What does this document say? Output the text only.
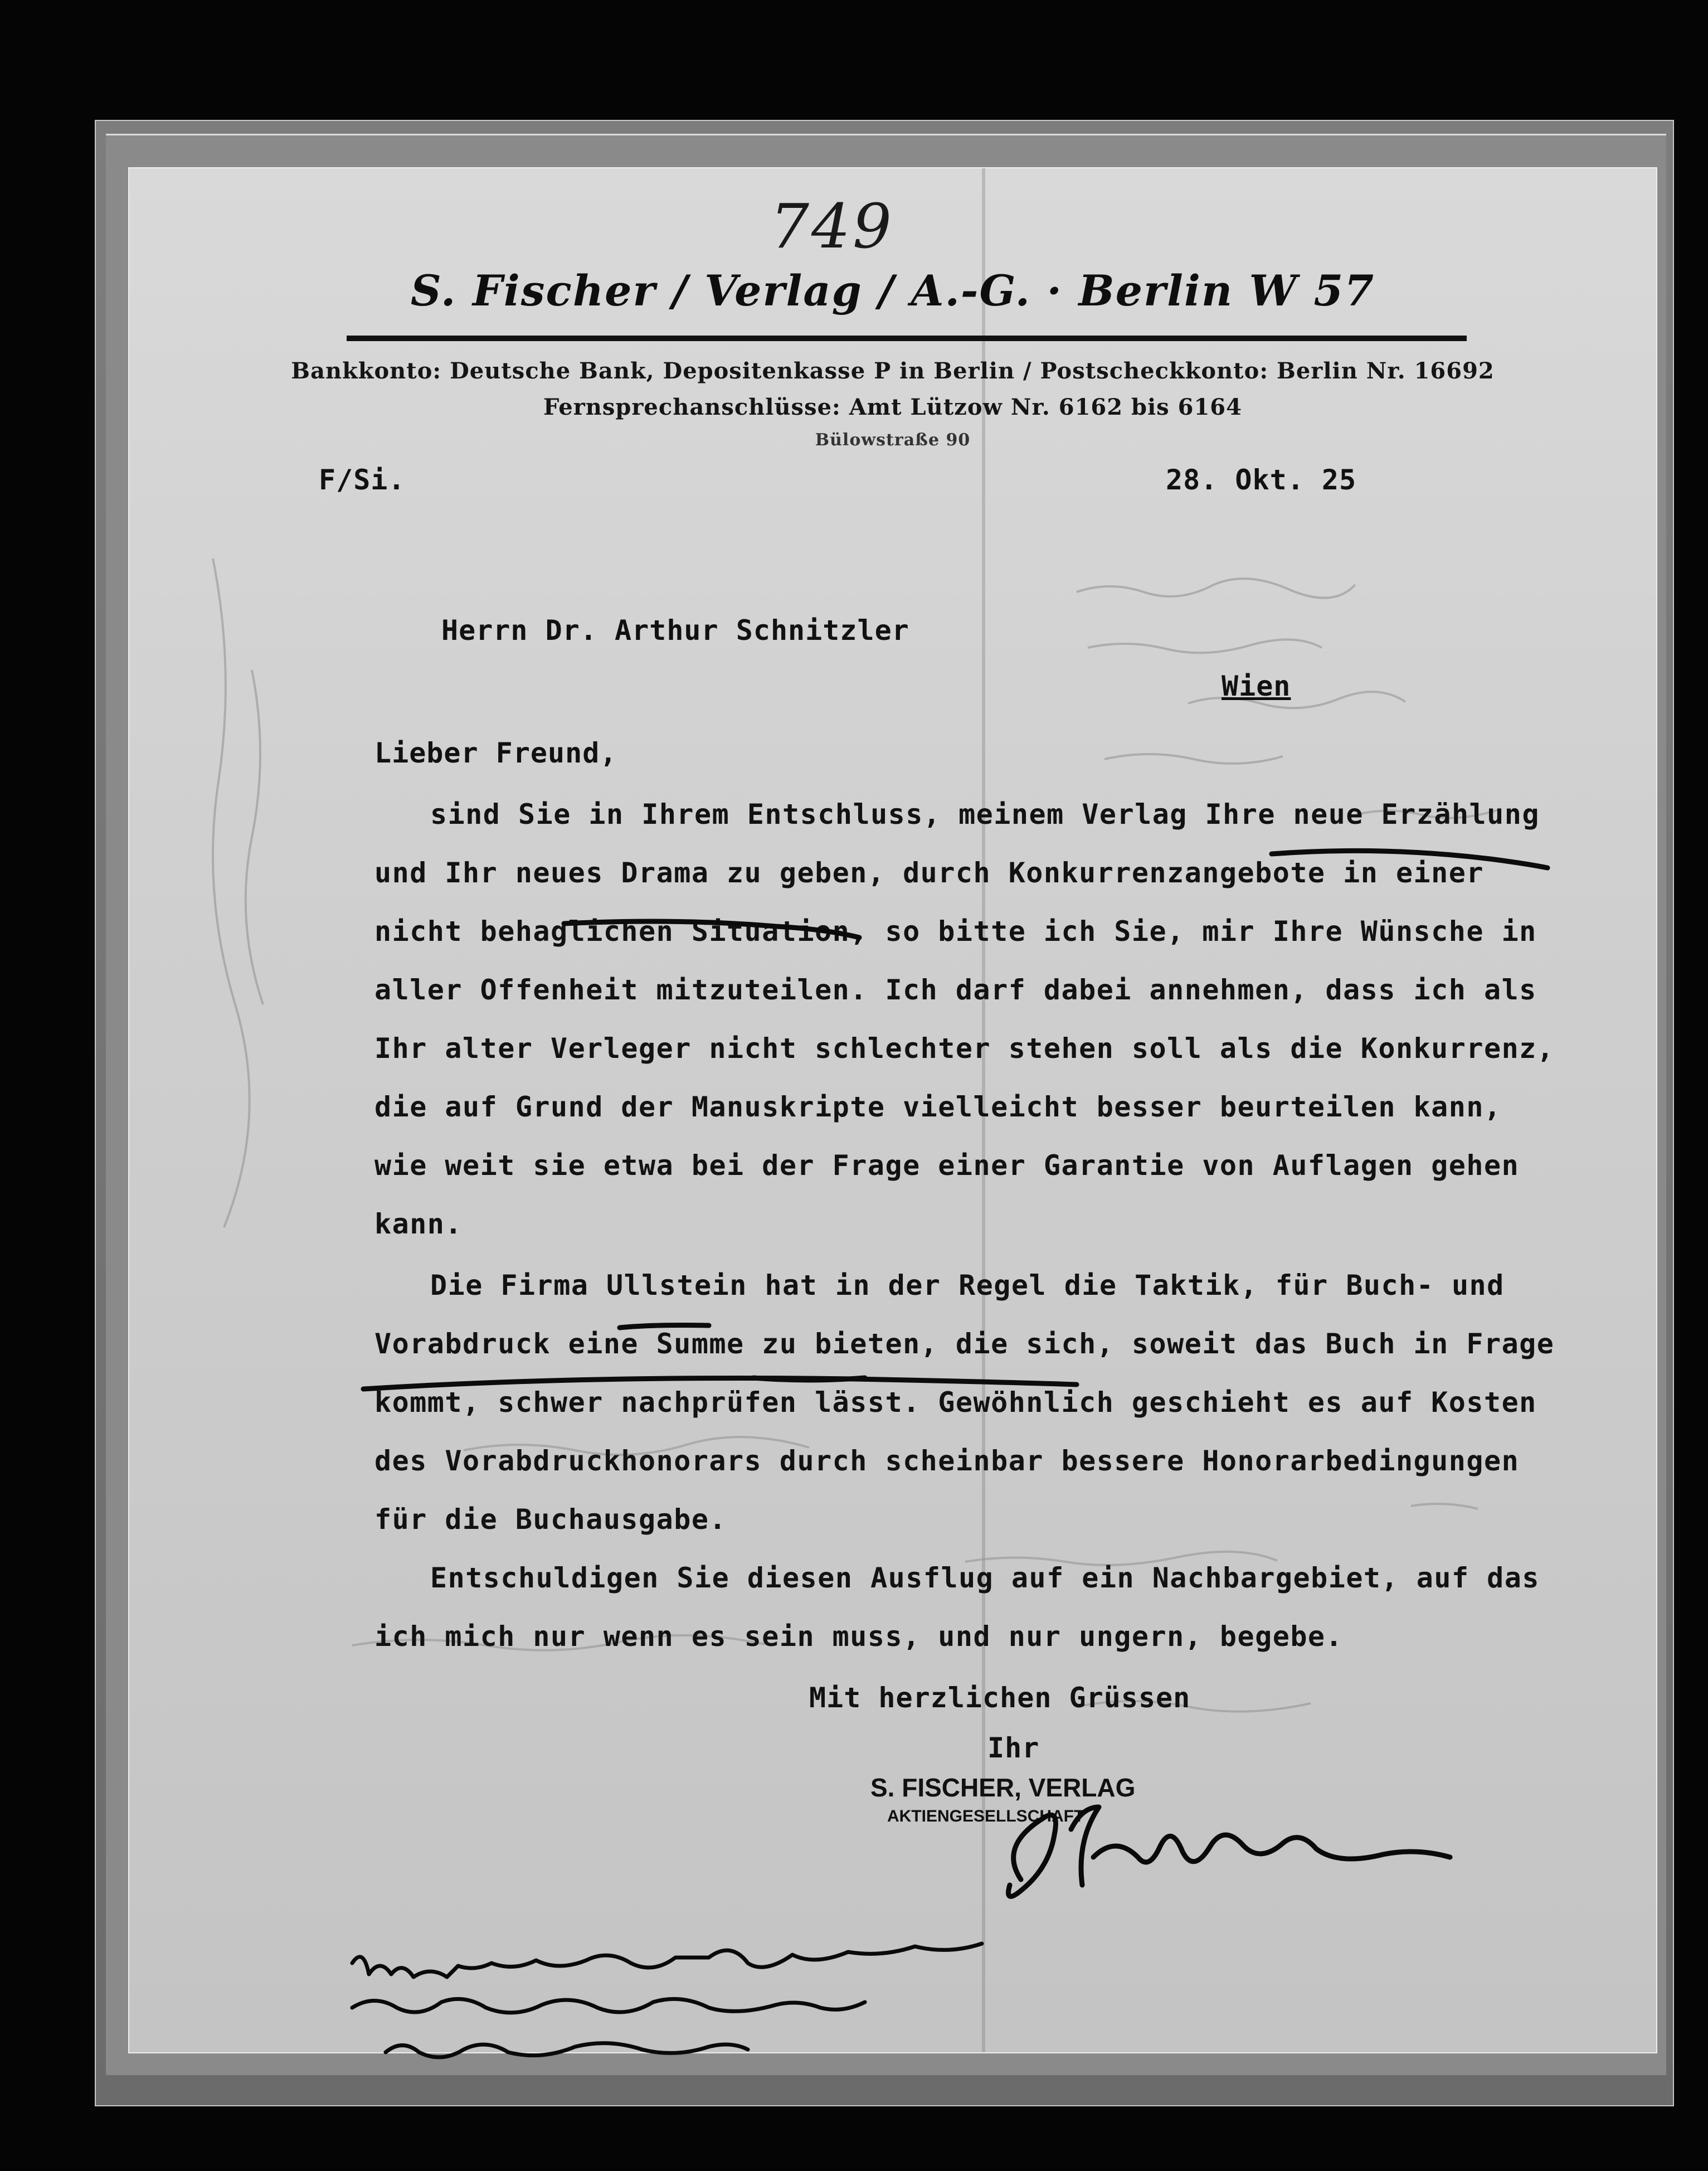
749
S. Fischer / Verlag / A.-G. · Berlin W 57
Bankkonto: Deutsche Bank, Depositenkasse P in Berlin / Postscheckkonto: Berlin Nr. 16692
Fernsprechanschlüsse: Amt Lützow Nr. 6162 bis 6164
Bülowstraße 90
F/Si.	28. Okt. 25
Herrn Dr. Arthur Schnitzler
Wien
Lieber Freund,
sind Sie in Ihrem Entschluss, meinem Verlag Ihre neue Erzählung
und Ihr neues Drama zu geben, durch Konkurrenzangebote in einer
nicht behaglichen Situation, so bitte ich Sie, mir Ihre Wünsche in
aller Offenheit mitzuteilen. Ich darf dabei annehmen, dass ich als
Ihr alter Verleger nicht schlechter stehen soll als die Konkurrenz,
die auf Grund der Manuskripte vielleicht besser beurteilen kann,
wie weit sie etwa bei der Frage einer Garantie von Auflagen gehen
kann.
Die Firma Ullstein hat in der Regel die Taktik, für Buch- und
Vorabdruck eine Summe zu bieten, die sich, soweit das Buch in Frage
kommt, schwer nachprüfen lässt. Gewöhnlich geschieht es auf Kosten
des Vorabdruckhonorars durch scheinbar bessere Honorarbedingungen
für die Buchausgabe.
Entschuldigen Sie diesen Ausflug auf ein Nachbargebiet, auf das
ich mich nur wenn es sein muss, und nur ungern, begebe.
Mit herzlichen Grüssen
Ihr
S. FISCHER, VERLAG
AKTIENGESELLSCHAFT
